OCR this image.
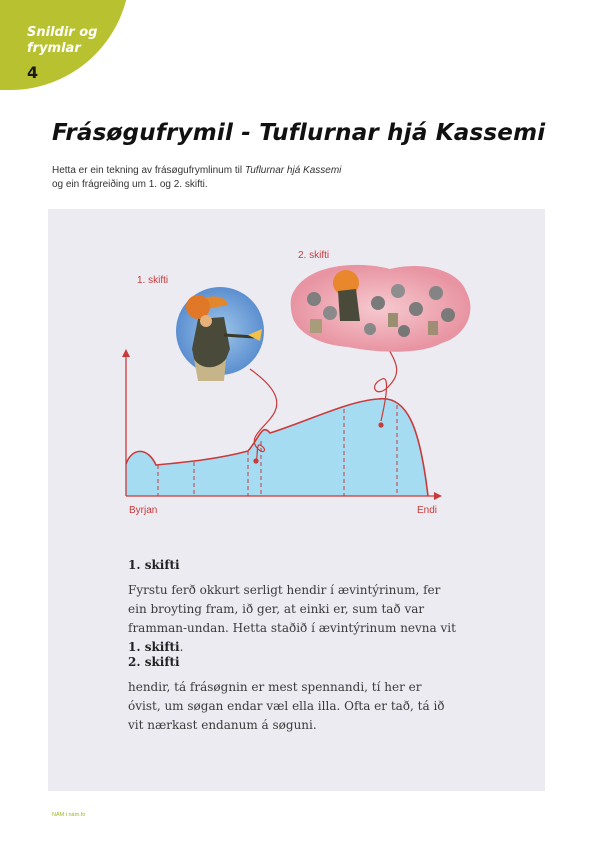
Snildir og
frymlar
4
Frásøgufrymil - Tuflurnar hjá Kassemi
Hetta er ein tekning av frásøgufrymlinum til Tuflurnar hjá Kassemi
og ein frágreiðing um 1. og 2. skifti.
1. skifti
2. skifti
Byrjan	Endi
1. skifti

Fyrstu ferð okkurt serligt hendir í ævintýrinum, fer ein broyting fram, ið ger, at einki er, sum tað var framman-undan. Hetta staðið í ævintýrinum nevna vit 1. skifti.

2. skifti

hendir, tá frásøgnin er mest spennandi, tí her er
óvist, um søgan endar væl ella illa. Ofta er tað, tá ið
vit nærkast endanum á søguni.

NÁM i nám.fo
